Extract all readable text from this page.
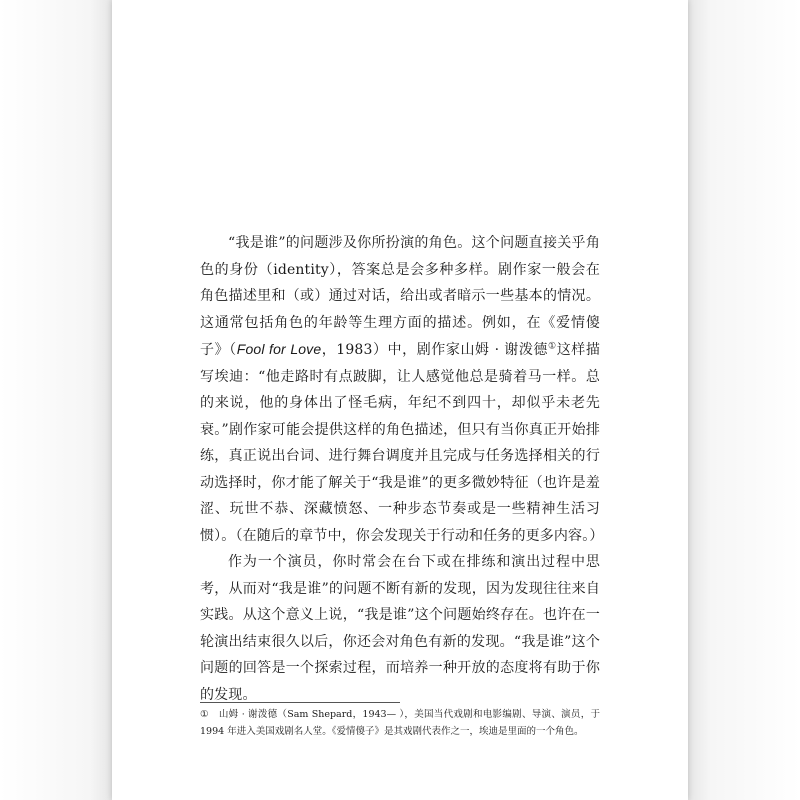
“我是谁”的问题涉及你所扮演的角色。这个问题直接关乎角色的身份（identity），答案总是会多种多样。剧作家一般会在角色描述里和（或）通过对话，给出或者暗示一些基本的情况。这通常包括角色的年龄等生理方面的描述。例如，在《爱情傻子》（Fool for Love，1983）中，剧作家山姆 · 谢泼德①这样描写埃迪：“他走路时有点跛脚，让人感觉他总是骑着马一样。总的来说，他的身体出了怪毛病，年纪不到四十，却似乎未老先衰。”剧作家可能会提供这样的角色描述，但只有当你真正开始排练，真正说出台词、进行舞台调度并且完成与任务选择相关的行动选择时，你才能了解关于“我是谁”的更多微妙特征（也许是羞涩、玩世不恭、深藏愤怒、一种步态节奏或是一些精神生活习惯）。（在随后的章节中，你会发现关于行动和任务的更多内容。）

作为一个演员，你时常会在台下或在排练和演出过程中思考，从而对“我是谁”的问题不断有新的发现，因为发现往往来自实践。从这个意义上说，“我是谁”这个问题始终存在。也许在一轮演出结束很久以后，你还会对角色有新的发现。“我是谁”这个问题的回答是一个探索过程，而培养一种开放的态度将有助于你的发现。

① 山姆 · 谢泼德（Sam Shepard，1943— ），美国当代戏剧和电影编剧、导演、演员，于 1994 年进入美国戏剧名人堂。《爱情傻子》是其戏剧代表作之一，埃迪是里面的一个角色。
